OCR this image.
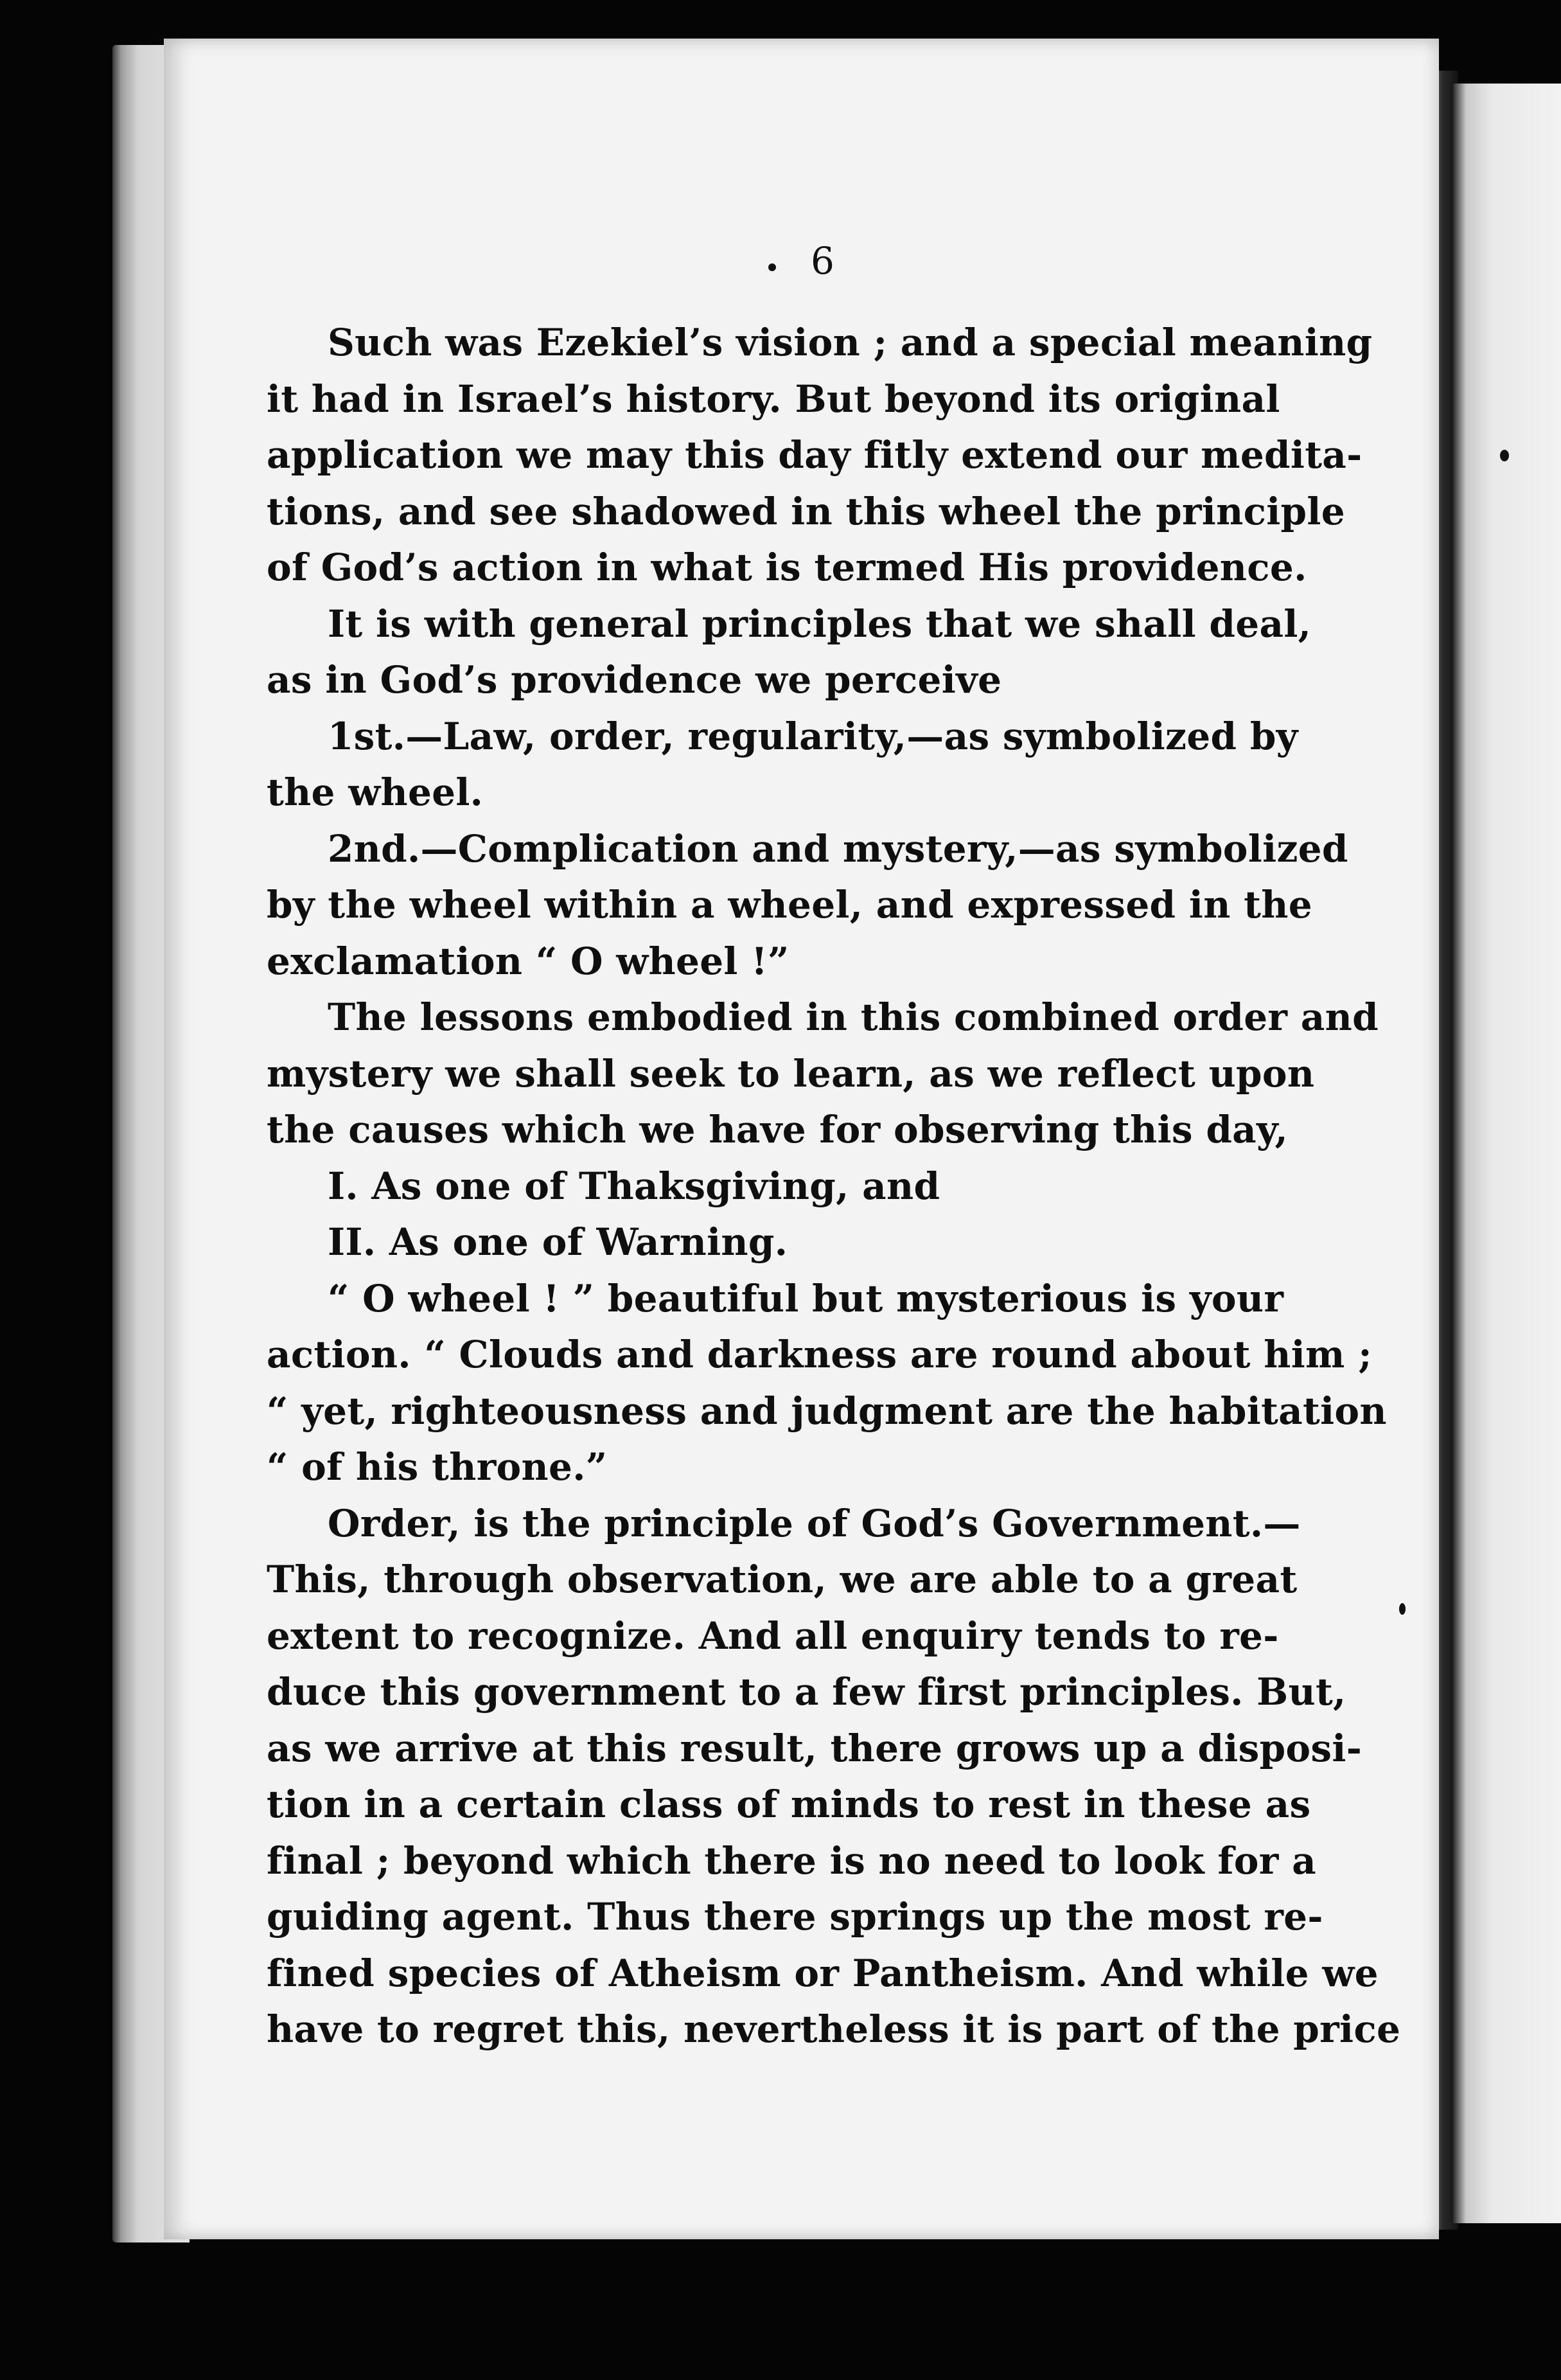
6
Such was Ezekiel’s vision ; and a special meaning
it had in Israel’s history. But beyond its original
application we may this day fitly extend our medita-
tions, and see shadowed in this wheel the principle
of God’s action in what is termed His providence.
It is with general principles that we shall deal,
as in God’s providence we perceive
1st.—Law, order, regularity,—as symbolized by
the wheel.
2nd.—Complication and mystery,—as symbolized
by the wheel within a wheel, and expressed in the
exclamation “ O wheel !”
The lessons embodied in this combined order and
mystery we shall seek to learn, as we reflect upon
the causes which we have for observing this day,
I. As one of Thaksgiving, and
II. As one of Warning.
“ O wheel ! ” beautiful but mysterious is your
action. “ Clouds and darkness are round about him ;
“ yet, righteousness and judgment are the habitation
“ of his throne.”
Order, is the principle of God’s Government.—
This, through observation, we are able to a great
extent to recognize. And all enquiry tends to re-
duce this government to a few first principles. But,
as we arrive at this result, there grows up a disposi-
tion in a certain class of minds to rest in these as
final ; beyond which there is no need to look for a
guiding agent. Thus there springs up the most re-
fined species of Atheism or Pantheism. And while we
have to regret this, nevertheless it is part of the price
